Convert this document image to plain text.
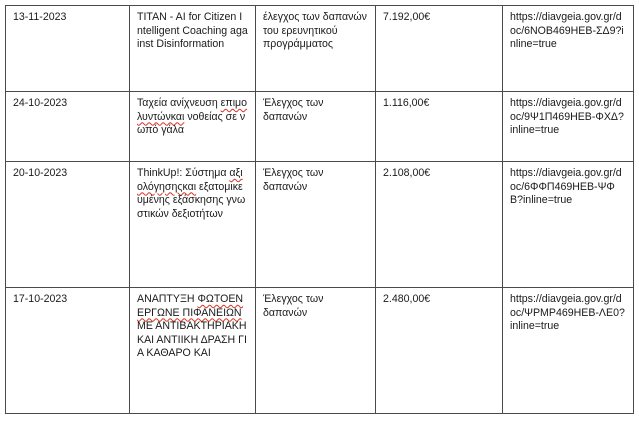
13-11-2023	TITAN - AI for Citizen Intelligent Coaching against Disinformation	έλεγχος των δαπανών του ερευνητικού προγράμματος	7.192,00€	https://diavgeia.gov.gr/doc/6ΝΟΒ469ΗΕΒ-ΣΔ9?inline=true
24-10-2023	Ταχεία ανίχνευση επιμολυντώνκαι νοθείας σε νωπό γάλα	Έλεγχος των δαπανών	1.116,00€	https://diavgeia.gov.gr/doc/9Ψ1Π469ΗΕΒ-ΦΧΔ?inline=true
20-10-2023	ThinkUp!: Σύστημα αξιολόγησηςκαι εξατομικευμένης εξάσκησης γνωστικών δεξιοτήτων	Έλεγχος των δαπανών	2.108,00€	https://diavgeia.gov.gr/doc/6ΦΦΠ469ΗΕΒ-ΨΦΒ?inline=true
17-10-2023	ΑΝΑΠΤΥΞΗ ΦΩΤΟΕΝΕΡΓΩΝΕ ΠΙΦΑΝΕΙΩΝ ΜΕ ΑΝΤΙΒΑΚΤΗΡΙΑΚΗ ΚΑΙ ΑΝΤΙΙΚΗ ΔΡΑΣΗ ΓΙΑ ΚΑΘΑΡΟ ΚΑΙ	Έλεγχος των δαπανών	2.480,00€	https://diavgeia.gov.gr/doc/ΨΡΜΡ469ΗΕΒ-ΛΕ0?inline=true
